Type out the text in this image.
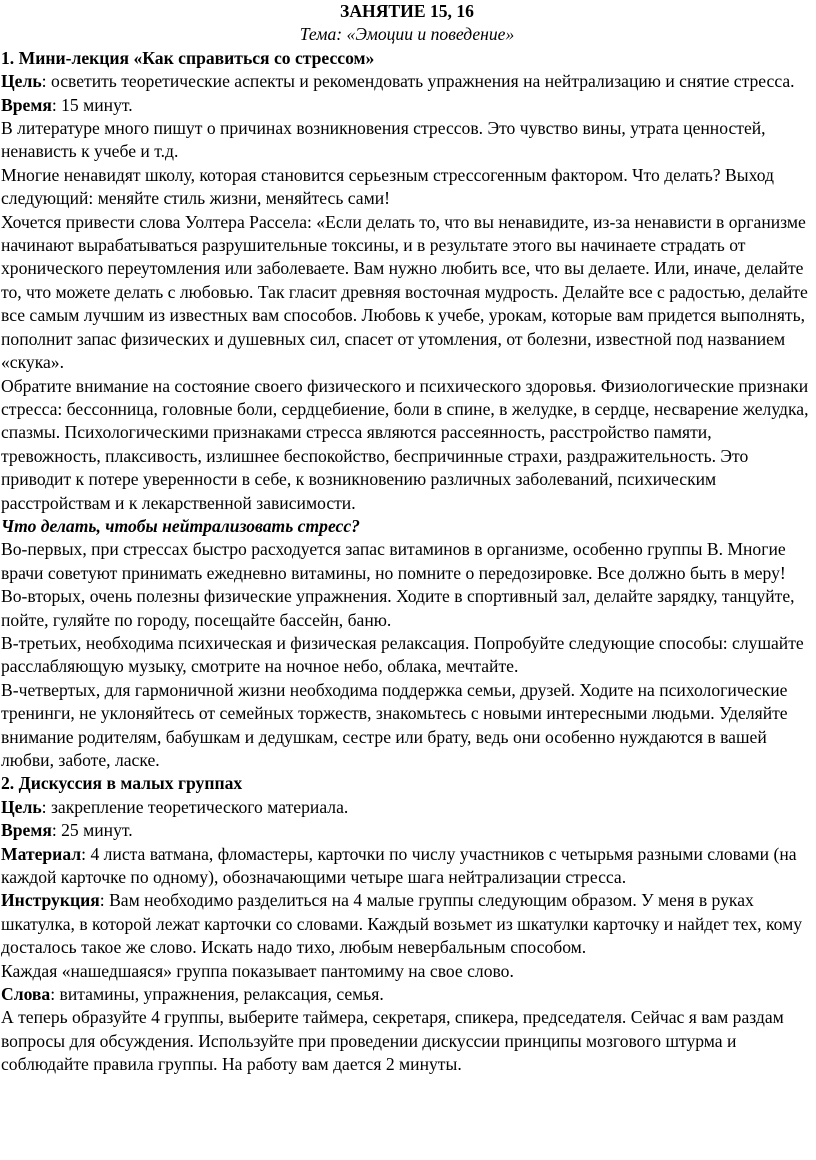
ЗАНЯТИЕ 15, 16

Тема: «Эмоции и поведение»

1. Мини-лекция «Как справиться со стрессом»

Цель: осветить теоретические аспекты и рекомендовать упражнения на нейтрализацию и снятие стресса.

Время: 15 минут.

В литературе много пишут о причинах возникновения стрессов. Это чувство вины, утрата ценностей, ненависть к учебе и т.д.

Многие ненавидят школу, которая становится серьезным стрессогенным фактором. Что делать? Выход следующий: меняйте стиль жизни, меняйтесь сами!

Хочется привести слова Уолтера Рассела: «Если делать то, что вы ненавидите, из-за ненависти в организме начинают вырабатываться разрушительные токсины, и в результате этого вы начинаете страдать от хронического переутомления или заболеваете. Вам нужно любить все, что вы делаете. Или, иначе, делайте то, что можете делать с любовью. Так гласит древняя восточная мудрость. Делайте все с радостью, делайте все самым лучшим из известных вам способов. Любовь к учебе, урокам, которые вам придется выполнять, пополнит запас физических и душевных сил, спасет от утомления, от болезни, известной под названием «скука».

Обратите внимание на состояние своего физического и психического здоровья. Физиологические признаки стресса: бессонница, головные боли, сердцебиение, боли в спине, в желудке, в сердце, несварение желудка, спазмы. Психологическими признаками стресса являются рассеянность, расстройство памяти, тревожность, плаксивость, излишнее беспокойство, беспричинные страхи, раздражительность. Это приводит к потере уверенности в себе, к возникновению различных заболеваний, психическим расстройствам и к лекарственной зависимости.

Что делать, чтобы нейтрализовать стресс?

Во-первых, при стрессах быстро расходуется запас витаминов в организме, особенно группы В. Многие врачи советуют принимать ежедневно витамины, но помните о передозировке. Все должно быть в меру!

Во-вторых, очень полезны физические упражнения. Ходите в спортивный зал, делайте зарядку, танцуйте, пойте, гуляйте по городу, посещайте бассейн, баню.

В-третьих, необходима психическая и физическая релаксация. Попробуйте следующие способы: слушайте расслабляющую музыку, смотрите на ночное небо, облака, мечтайте.

В-четвертых, для гармоничной жизни необходима поддержка семьи, друзей. Ходите на психологические тренинги, не уклоняйтесь от семейных торжеств, знакомьтесь с новыми интересными людьми. Уделяйте внимание родителям, бабушкам и дедушкам, сестре или брату, ведь они особенно нуждаются в вашей любви, заботе, ласке.

2. Дискуссия в малых группах

Цель: закрепление теоретического материала.

Время: 25 минут.

Материал: 4 листа ватмана, фломастеры, карточки по числу участников с четырьмя разными словами (на каждой карточке по одному), обозначающими четыре шага нейтрализации стресса.

Инструкция: Вам необходимо разделиться на 4 малые группы следующим образом. У меня в руках шкатулка, в которой лежат карточки со словами. Каждый возьмет из шкатулки карточку и найдет тех, кому досталось такое же слово. Искать надо тихо, любым невербальным способом.

Каждая «нашедшаяся» группа показывает пантомиму на свое слово.

Слова: витамины, упражнения, релаксация, семья.

А теперь образуйте 4 группы, выберите таймера, секретаря, спикера, председателя. Сейчас я вам раздам вопросы для обсуждения. Используйте при проведении дискуссии принципы мозгового штурма и соблюдайте правила группы. На работу вам дается 2 минуты.
